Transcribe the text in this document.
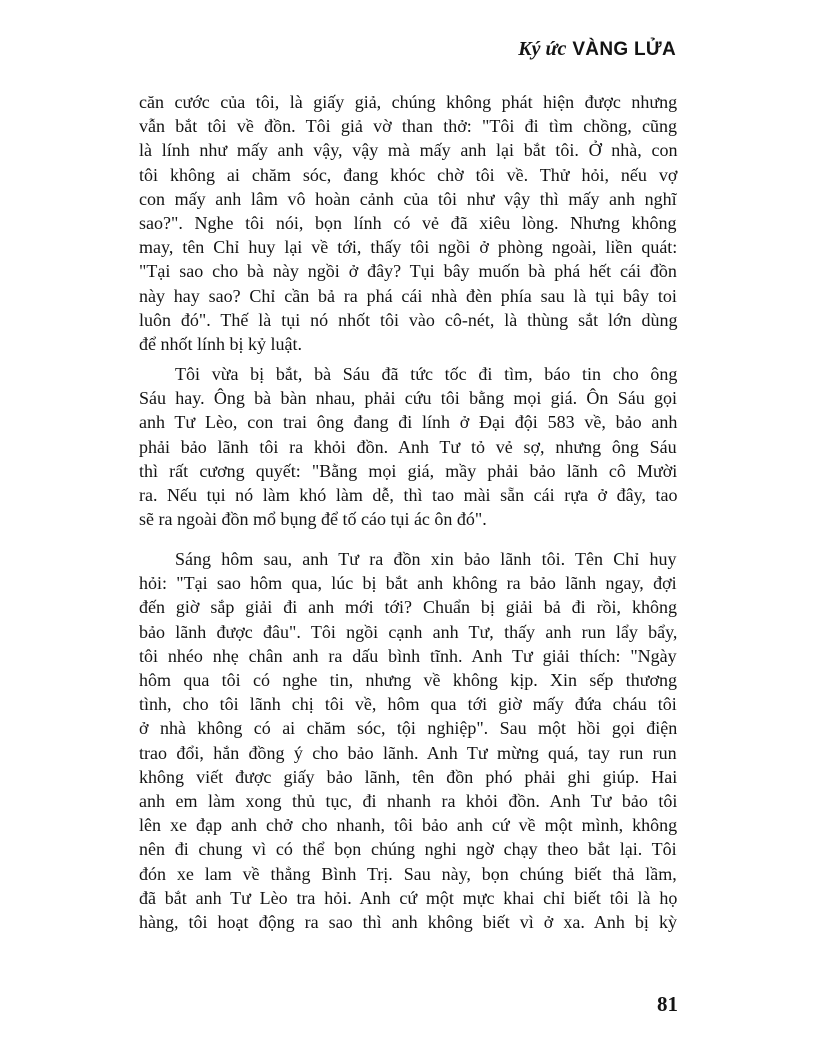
Ký ức VÀNG LỬA
căn cước của tôi, là giấy giả, chúng không phát hiện được nhưng
vẫn bắt tôi về đồn. Tôi giả vờ than thở: "Tôi đi tìm chồng, cũng
là lính như mấy anh vậy, vậy mà mấy anh lại bắt tôi. Ở nhà, con
tôi không ai chăm sóc, đang khóc chờ tôi về. Thử hỏi, nếu vợ
con mấy anh lâm vô hoàn cảnh của tôi như vậy thì mấy anh nghĩ
sao?". Nghe tôi nói, bọn lính có vẻ đã xiêu lòng. Nhưng không
may, tên Chỉ huy lại về tới, thấy tôi ngồi ở phòng ngoài, liền quát:
"Tại sao cho bà này ngồi ở đây? Tụi bây muốn bà phá hết cái đồn
này hay sao? Chỉ cần bả ra phá cái nhà đèn phía sau là tụi bây toi
luôn đó". Thế là tụi nó nhốt tôi vào cô-nét, là thùng sắt lớn dùng
để nhốt lính bị kỷ luật.
Tôi vừa bị bắt, bà Sáu đã tức tốc đi tìm, báo tin cho ông
Sáu hay. Ông bà bàn nhau, phải cứu tôi bằng mọi giá. Ôn Sáu gọi
anh Tư Lèo, con trai ông đang đi lính ở Đại đội 583 về, bảo anh
phải bảo lãnh tôi ra khỏi đồn. Anh Tư tỏ vẻ sợ, nhưng ông Sáu
thì rất cương quyết: "Bằng mọi giá, mầy phải bảo lãnh cô Mười
ra. Nếu tụi nó làm khó làm dễ, thì tao mài sẵn cái rựa ở đây, tao
sẽ ra ngoài đồn mổ bụng để tố cáo tụi ác ôn đó".
Sáng hôm sau, anh Tư ra đồn xin bảo lãnh tôi. Tên Chỉ huy
hỏi: "Tại sao hôm qua, lúc bị bắt anh không ra bảo lãnh ngay, đợi
đến giờ sắp giải đi anh mới tới? Chuẩn bị giải bả đi rồi, không
bảo lãnh được đâu". Tôi ngồi cạnh anh Tư, thấy anh run lẩy bẩy,
tôi nhéo nhẹ chân anh ra dấu bình tĩnh. Anh Tư giải thích: "Ngày
hôm qua tôi có nghe tin, nhưng về không kịp. Xin sếp thương
tình, cho tôi lãnh chị tôi về, hôm qua tới giờ mấy đứa cháu tôi
ở nhà không có ai chăm sóc, tội nghiệp". Sau một hồi gọi điện
trao đổi, hắn đồng ý cho bảo lãnh. Anh Tư mừng quá, tay run run
không viết được giấy bảo lãnh, tên đồn phó phải ghi giúp. Hai
anh em làm xong thủ tục, đi nhanh ra khỏi đồn. Anh Tư bảo tôi
lên xe đạp anh chở cho nhanh, tôi bảo anh cứ về một mình, không
nên đi chung vì có thể bọn chúng nghi ngờ chạy theo bắt lại. Tôi
đón xe lam về thẳng Bình Trị. Sau này, bọn chúng biết thả lầm,
đã bắt anh Tư Lèo tra hỏi. Anh cứ một mực khai chỉ biết tôi là họ
hàng, tôi hoạt động ra sao thì anh không biết vì ở xa. Anh bị kỳ
81
